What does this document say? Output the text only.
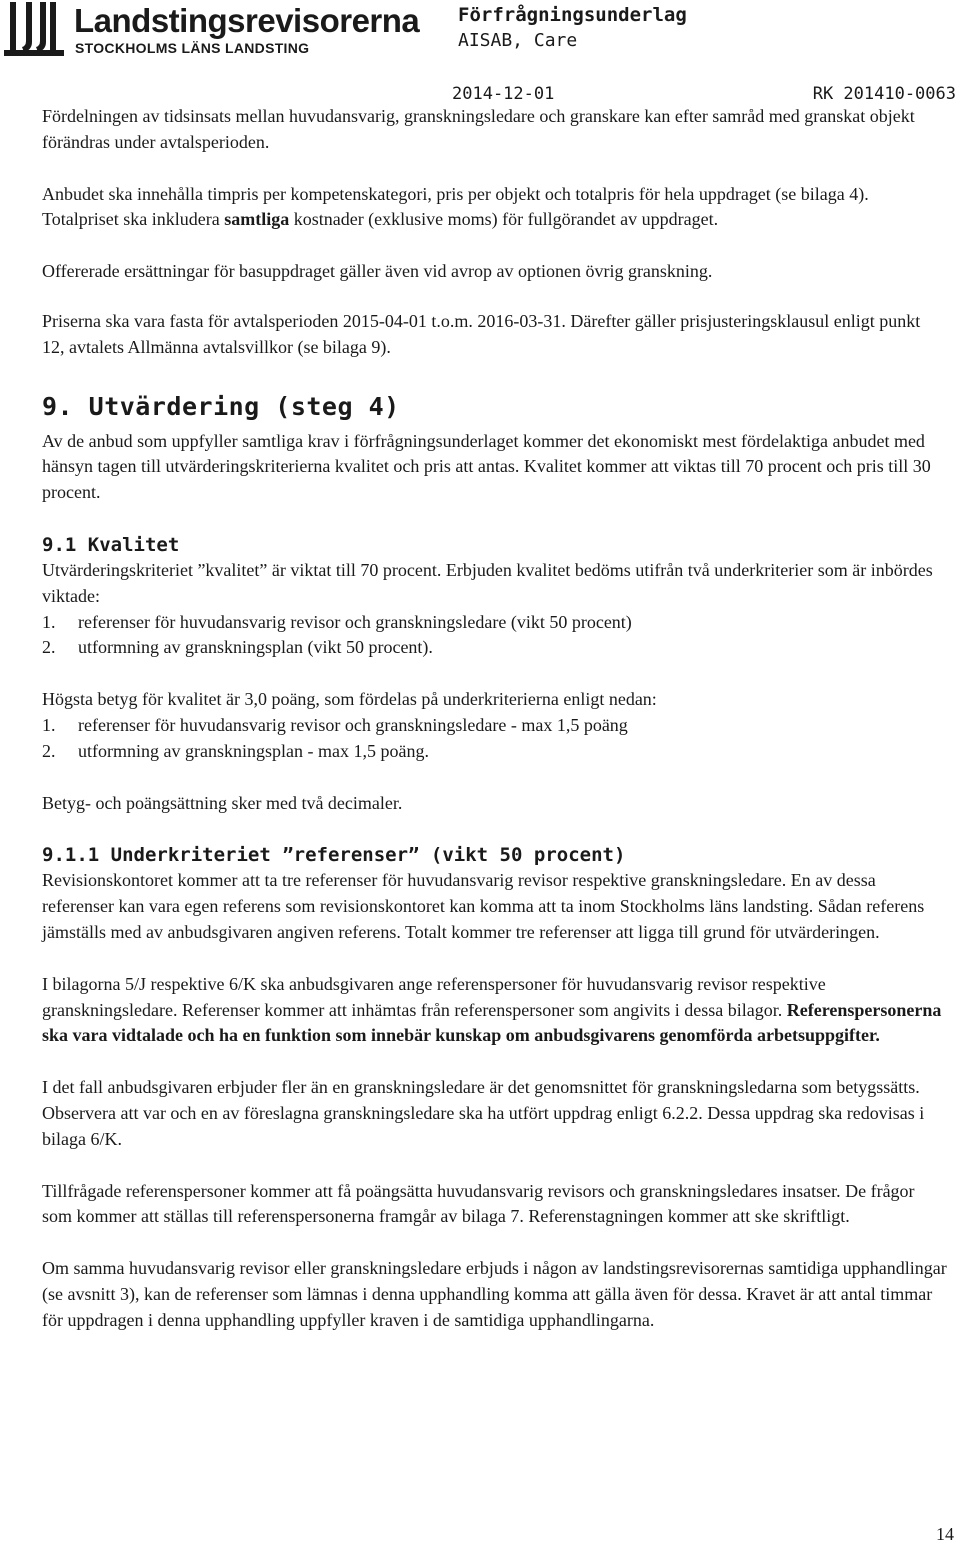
Landstingsrevisorerna
STOCKHOLMS LÄNS LANDSTING
Förfrågningsunderlag
AISAB, Care
2014-12-01	RK 201410-0063

Fördelningen av tidsinsats mellan huvudansvarig, granskningsledare och granskare kan efter samråd med granskat objekt förändras under avtalsperioden.

Anbudet ska innehålla timpris per kompetenskategori, pris per objekt och totalpris för hela uppdraget (se bilaga 4). Totalpriset ska inkludera samtliga kostnader (exklusive moms) för fullgörandet av uppdraget.

Offererade ersättningar för basuppdraget gäller även vid avrop av optionen övrig granskning.

Priserna ska vara fasta för avtalsperioden 2015-04-01 t.o.m. 2016-03-31. Därefter gäller prisjusteringsklausul enligt punkt 12, avtalets Allmänna avtalsvillkor (se bilaga 9).

9. Utvärdering (steg 4)

Av de anbud som uppfyller samtliga krav i förfrågningsunderlaget kommer det ekonomiskt mest fördelaktiga anbudet med hänsyn tagen till utvärderingskriterierna kvalitet och pris att antas. Kvalitet kommer att viktas till 70 procent och pris till 30 procent.

9.1 Kvalitet

Utvärderingskriteriet ”kvalitet” är viktat till 70 procent. Erbjuden kvalitet bedöms utifrån två underkriterier som är inbördes viktade:

1.	referenser för huvudansvarig revisor och granskningsledare (vikt 50 procent)
2.	utformning av granskningsplan (vikt 50 procent).

Högsta betyg för kvalitet är 3,0 poäng, som fördelas på underkriterierna enligt nedan:

1.	referenser för huvudansvarig revisor och granskningsledare - max 1,5 poäng
2.	utformning av granskningsplan - max 1,5 poäng.

Betyg- och poängsättning sker med två decimaler.

9.1.1 Underkriteriet ”referenser” (vikt 50 procent)

Revisionskontoret kommer att ta tre referenser för huvudansvarig revisor respektive granskningsledare. En av dessa referenser kan vara egen referens som revisionskontoret kan komma att ta inom Stockholms läns landsting. Sådan referens jämställs med av anbudsgivaren angiven referens. Totalt kommer tre referenser att ligga till grund för utvärderingen.

I bilagorna 5/J respektive 6/K ska anbudsgivaren ange referenspersoner för huvudansvarig revisor respektive granskningsledare. Referenser kommer att inhämtas från referenspersoner som angivits i dessa bilagor. Referenspersonerna ska vara vidtalade och ha en funktion som innebär kunskap om anbudsgivarens genomförda arbetsuppgifter.

I det fall anbudsgivaren erbjuder fler än en granskningsledare är det genomsnittet för granskningsledarna som betygssätts. Observera att var och en av föreslagna granskningsledare ska ha utfört uppdrag enligt 6.2.2. Dessa uppdrag ska redovisas i bilaga 6/K.

Tillfrågade referenspersoner kommer att få poängsätta huvudansvarig revisors och granskningsledares insatser. De frågor som kommer att ställas till referenspersonerna framgår av bilaga 7. Referenstagningen kommer att ske skriftligt.

Om samma huvudansvarig revisor eller granskningsledare erbjuds i någon av landstingsrevisorernas samtidiga upphandlingar (se avsnitt 3), kan de referenser som lämnas i denna upphandling komma att gälla även för dessa. Kravet är att antal timmar för uppdragen i denna upphandling uppfyller kraven i de samtidiga upphandlingarna.

14
